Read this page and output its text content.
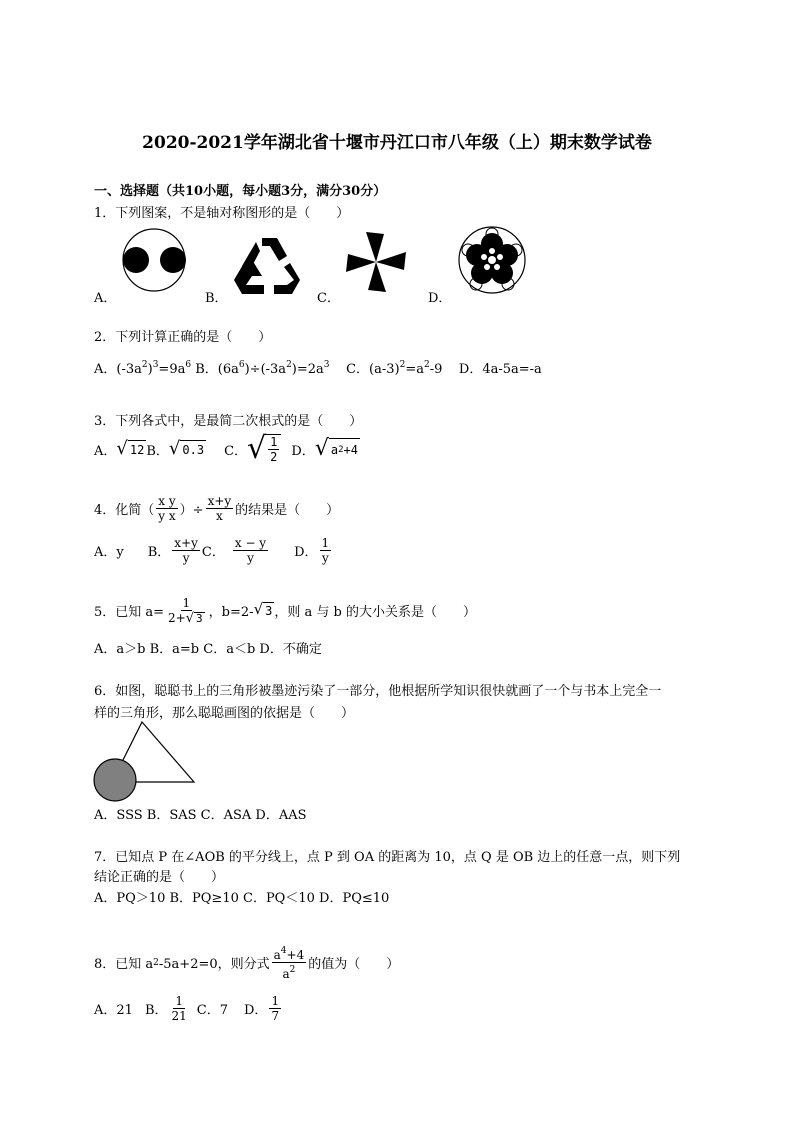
2020-2021学年湖北省十堰市丹江口市八年级（上）期末数学试卷
一、选择题（共10小题，每小题3分，满分30分）
1．下列图案，不是轴对称图形的是（　　）
A．	B．	C．	D．
2．下列计算正确的是（　　）
A．$(-3a^2)^3=9a^6$ B．$(6a^6)\div(-3a^2)=2a^3$ C．$(a-3)^2=a^2-9$ D．4a-5a=-a
3．下列各式中，是最简二次根式的是（　　）
A． √ 12 B． √ 0.3 C． √ $\frac{1}{2}$ D． √ a 2 +4
4．化简（ $\frac{\text{x y}}{\text{y x}}$ ）÷ $\frac{x+y}{x}$ 的结果是（　　）
A．y B． $\frac{x+y}{y}$ C． $\frac{x - y}{y}$ D． $\frac{1}{y}$
5．已知 $a= \frac{1}{2+ √ 3}$ ，b=2- √ 3 ，则 a 与 b 的大小关系是（　　）
A．a＞b B．a=b C．a＜b D．不确定
6．如图，聪聪书上的三角形被墨迹污染了一部分，他根据所学知识很快就画了一个与书本上完全一
样的三角形，那么聪聪画图的依据是（　　）
A．SSS B．SAS C．ASA D．AAS
7．已知点 P 在∠AOB 的平分线上，点 P 到 OA 的距离为 10，点 Q 是 OB 边上的任意一点，则下列
结论正确的是（　　）
A．PQ＞10 B．PQ≥10 C．PQ＜10 D．PQ≤10
8．已知 a 2 -5a+2=0，则分式 $\frac{a^4+4}{a^2}$ 的值为（　　）
A．21 B． $\frac{1}{21}$ C．7 D． $\frac{1}{7}$
